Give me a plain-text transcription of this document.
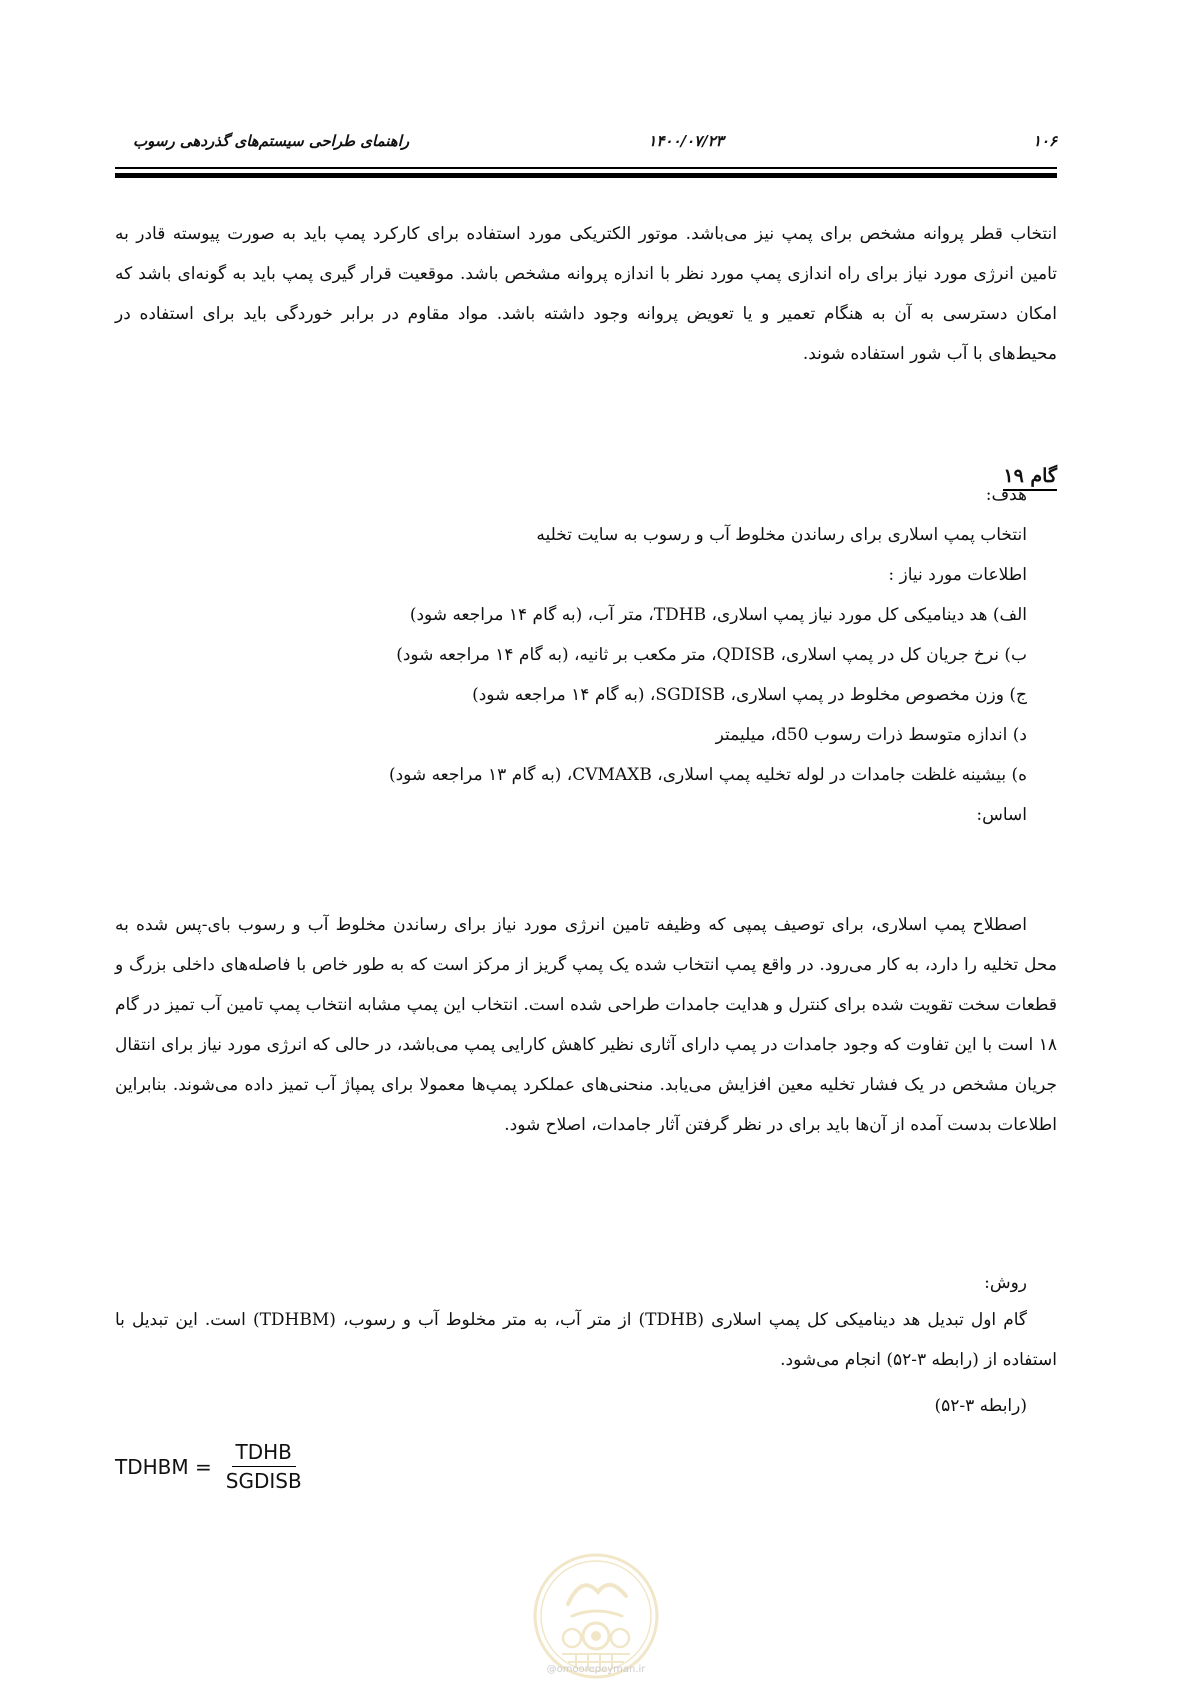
۱۰۶
۱۴۰۰/۰۷/۲۳
راهنمای طراحی سیستم‌های گذردهی رسوب

انتخاب قطر پروانه مشخص برای پمپ نیز می‌باشد. موتور الکتریکی مورد استفاده برای کارکرد پمپ باید به صورت پیوسته قادر به تامین انرژی مورد نیاز برای راه اندازی پمپ مورد نظر با اندازه پروانه مشخص باشد. موقعیت قرار گیری پمپ باید به گونه‌ای باشد که امکان دسترسی به آن به هنگام تعمیر و یا تعویض پروانه وجود داشته باشد. مواد مقاوم در برابر خوردگی باید برای استفاده در محیط‌های با آب شور استفاده شوند.

گام ۱۹
هدف:
انتخاب پمپ اسلاری برای رساندن مخلوط آب و رسوب به سایت تخلیه
اطلاعات مورد نیاز :
الف) هد دینامیکی کل مورد نیاز پمپ اسلاری، TDHB، متر آب، (به گام ۱۴ مراجعه شود)
ب) نرخ جریان کل در پمپ اسلاری، QDISB، متر مکعب بر ثانیه، (به گام ۱۴ مراجعه شود)
ج) وزن مخصوص مخلوط در پمپ اسلاری، SGDISB، (به گام ۱۴ مراجعه شود)
د) اندازه متوسط ذرات رسوب d50، میلیمتر
ه) بیشینه غلظت جامدات در لوله تخلیه پمپ اسلاری، CVMAXB، (به گام ۱۳ مراجعه شود)
اساس:

اصطلاح پمپ اسلاری، برای توصیف پمپی که وظیفه تامین انرژی مورد نیاز برای رساندن مخلوط آب و رسوب بای-پس شده به محل تخلیه را دارد، به کار می‌رود. در واقع پمپ انتخاب شده یک پمپ گریز از مرکز است که به طور خاص با فاصله‌های داخلی بزرگ و قطعات سخت تقویت شده برای کنترل و هدایت جامدات طراحی شده است. انتخاب این پمپ مشابه انتخاب پمپ تامین آب تمیز در گام ۱۸ است با این تفاوت که وجود جامدات در پمپ دارای آثاری نظیر کاهش کارایی پمپ می‌باشد، در حالی که انرژی مورد نیاز برای انتقال جریان مشخص در یک فشار تخلیه معین افزایش می‌یابد. منحنی‌های عملکرد پمپ‌ها معمولا برای پمپاژ آب تمیز داده می‌شوند. بنابراین اطلاعات بدست آمده از آن‌ها باید برای در نظر گرفتن آثار جامدات، اصلاح شود.

روش:

گام اول تبدیل هد دینامیکی کل پمپ اسلاری (TDHB) از متر آب، به متر مخلوط آب و رسوب، (TDHBM) است. این تبدیل با استفاده از (رابطه ۳-۵۲) انجام می‌شود.

(رابطه ۳-۵۲)
TDHBM = $\frac{\text{TDHB}}{\text{SGDISB}}$
@omoorepeyman.ir
